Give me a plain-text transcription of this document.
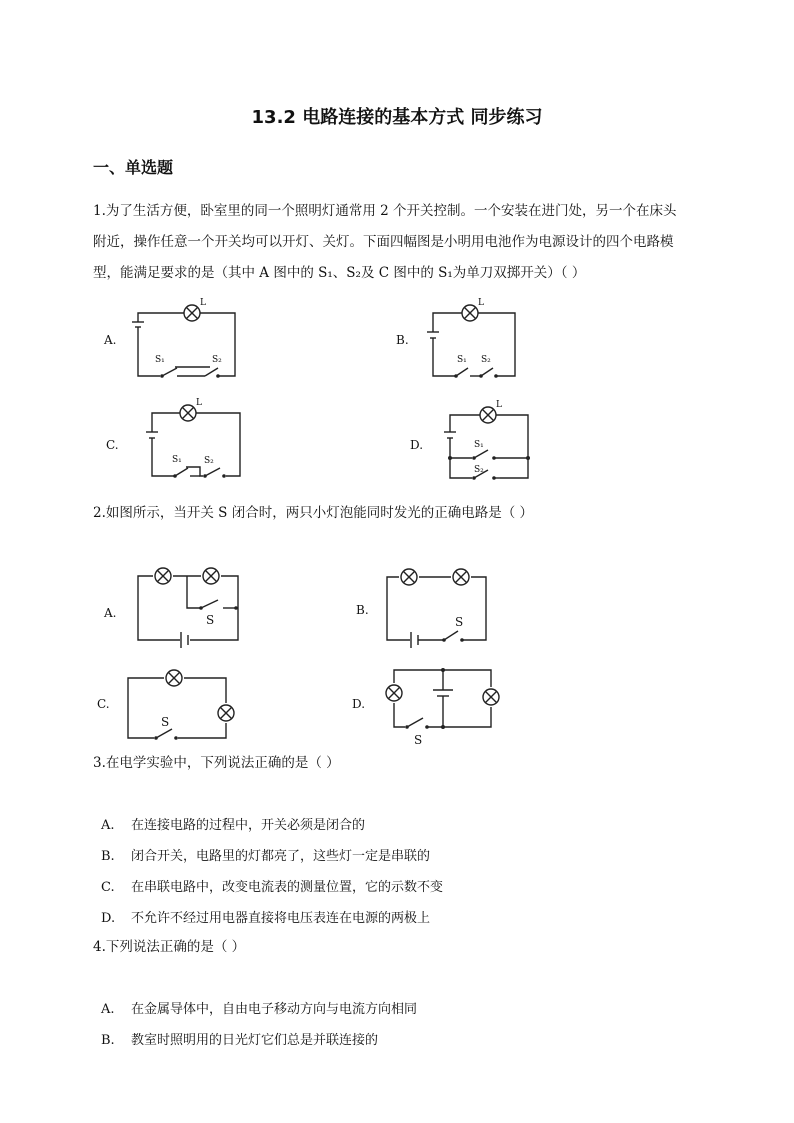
13.2 电路连接的基本方式 同步练习
一、单选题
1.为了生活方便，卧室里的同一个照明灯通常用 2 个开关控制。一个安装在进门处，另一个在床头
附近，操作任意一个开关均可以开灯、关灯。下面四幅图是小明用电池作为电源设计的四个电路模
型，能满足要求的是（其中 A 图中的 S₁、S₂及 C 图中的 S₁为单刀双掷开关）（ ）
A.	B.
C.	D.
2.如图所示，当开关 S 闭合时，两只小灯泡能同时发光的正确电路是（ ）
A.	B.
C.	D.
3.在电学实验中，下列说法正确的是（ ）
A. 在连接电路的过程中，开关必须是闭合的
B. 闭合开关，电路里的灯都亮了，这些灯一定是串联的
C. 在串联电路中，改变电流表的测量位置，它的示数不变
D. 不允许不经过用电器直接将电压表连在电源的两极上
4.下列说法正确的是（ ）
A. 在金属导体中，自由电子移动方向与电流方向相同
B. 教室时照明用的日光灯它们总是并联连接的
L
S₁	S₂
L
S₁ S₂
L
S₁ S₂
L
S₁
S₂
S	S
S
S
